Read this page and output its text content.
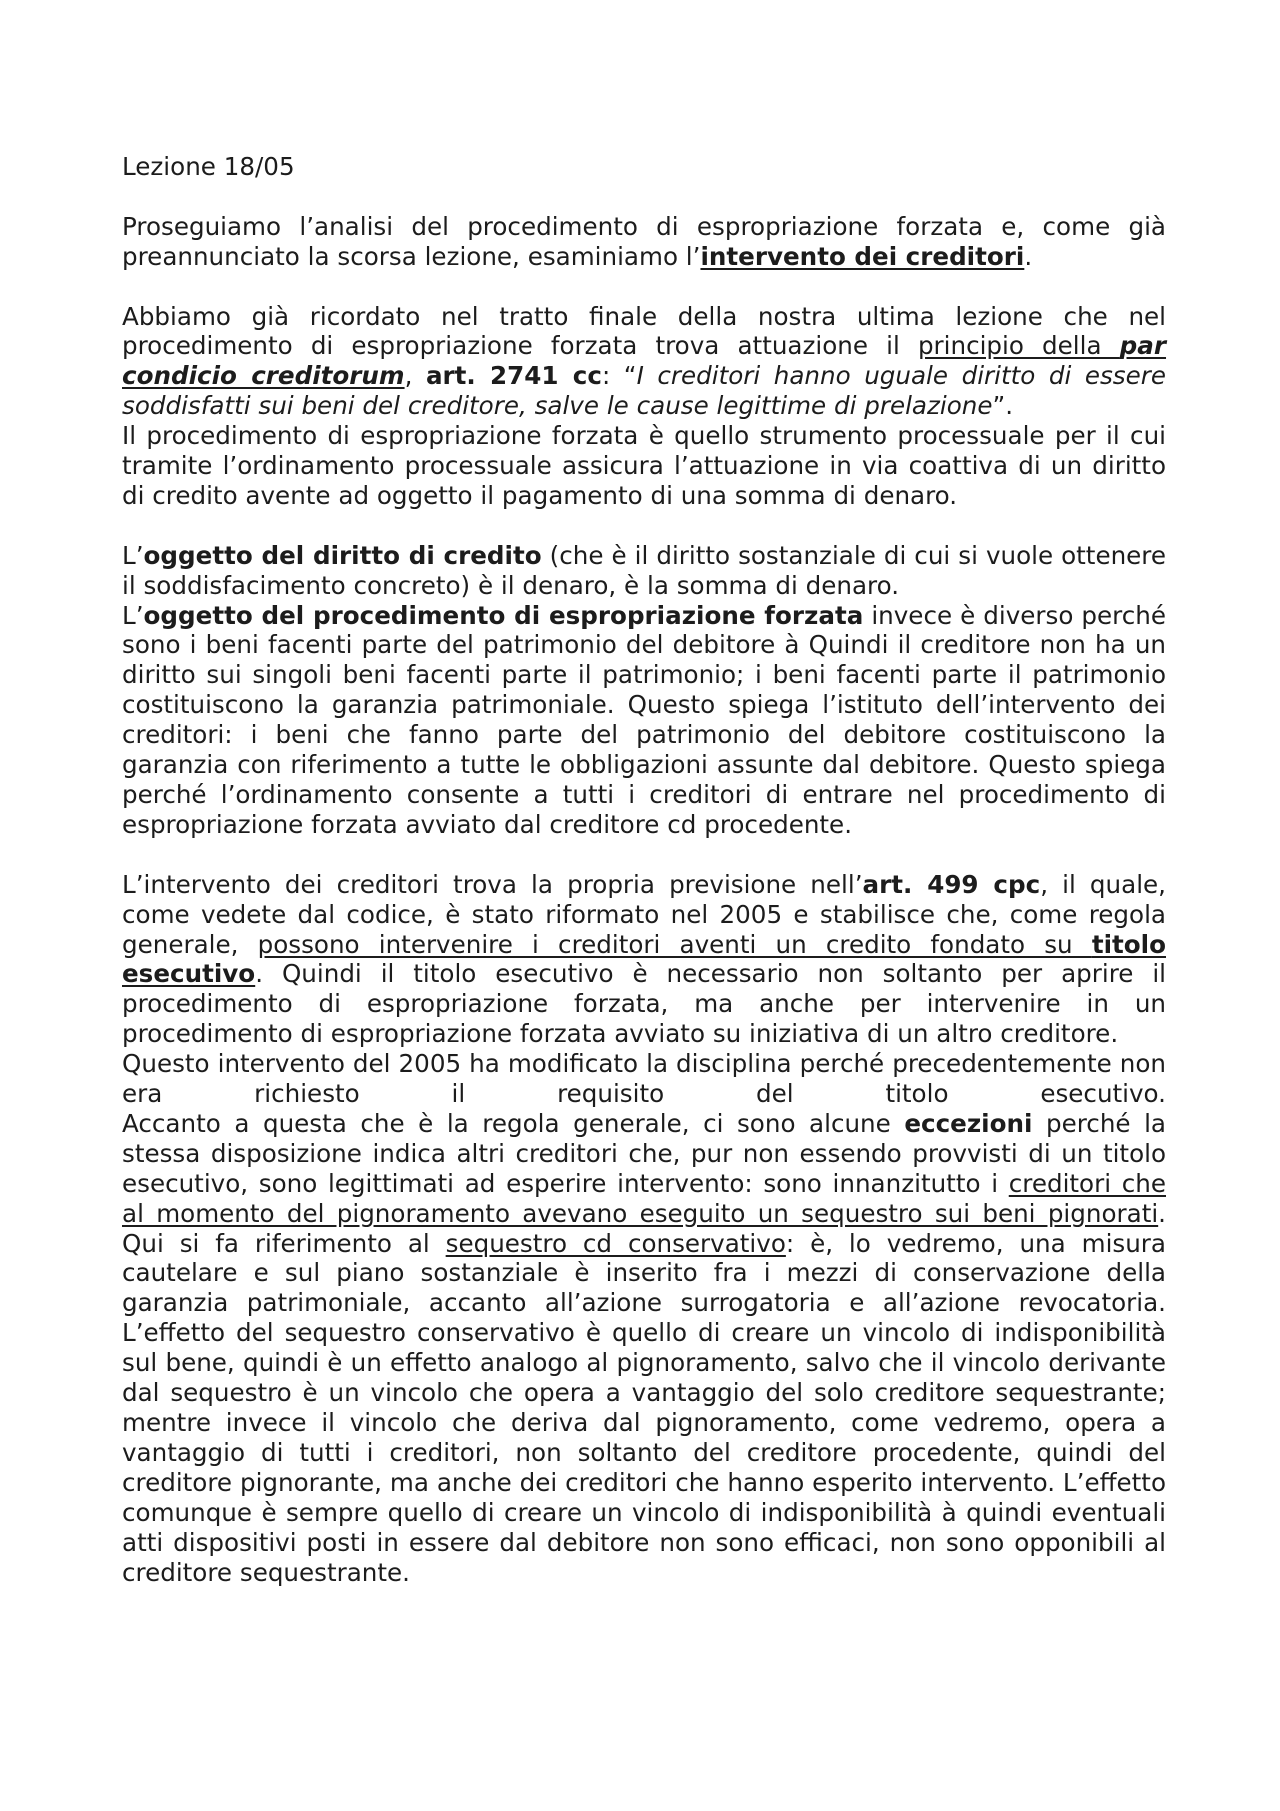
Lezione 18/05

Proseguiamo l’analisi del procedimento di espropriazione forzata e, come già preannunciato la scorsa lezione, esaminiamo l’intervento dei creditori.

Abbiamo già ricordato nel tratto finale della nostra ultima lezione che nel procedimento di espropriazione forzata trova attuazione il principio della par condicio creditorum, art. 2741 cc: “I creditori hanno uguale diritto di essere soddisfatti sui beni del creditore, salve le cause legittime di prelazione”.

Il procedimento di espropriazione forzata è quello strumento processuale per il cui tramite l’ordinamento processuale assicura l’attuazione in via coattiva di un diritto di credito avente ad oggetto il pagamento di una somma di denaro.

L’oggetto del diritto di credito (che è il diritto sostanziale di cui si vuole ottenere il soddisfacimento concreto) è il denaro, è la somma di denaro.

L’oggetto del procedimento di espropriazione forzata invece è diverso perché sono i beni facenti parte del patrimonio del debitore à Quindi il creditore non ha un diritto sui singoli beni facenti parte il patrimonio; i beni facenti parte il patrimonio costituiscono la garanzia patrimoniale. Questo spiega l’istituto dell’intervento dei creditori: i beni che fanno parte del patrimonio del debitore costituiscono la garanzia con riferimento a tutte le obbligazioni assunte dal debitore. Questo spiega perché l’ordinamento consente a tutti i creditori di entrare nel procedimento di espropriazione forzata avviato dal creditore cd procedente.

L’intervento dei creditori trova la propria previsione nell’art. 499 cpc, il quale, come vedete dal codice, è stato riformato nel 2005 e stabilisce che, come regola generale, possono intervenire i creditori aventi un credito fondato su titolo esecutivo. Quindi il titolo esecutivo è necessario non soltanto per aprire il procedimento di espropriazione forzata, ma anche per intervenire in un procedimento di espropriazione forzata avviato su iniziativa di un altro creditore.

Questo intervento del 2005 ha modificato la disciplina perché precedentemente non era richiesto il requisito del titolo esecutivo.

Accanto a questa che è la regola generale, ci sono alcune eccezioni perché la stessa disposizione indica altri creditori che, pur non essendo provvisti di un titolo esecutivo, sono legittimati ad esperire intervento: sono innanzitutto i creditori che al momento del pignoramento avevano eseguito un sequestro sui beni pignorati. Qui si fa riferimento al sequestro cd conservativo: è, lo vedremo, una misura cautelare e sul piano sostanziale è inserito fra i mezzi di conservazione della garanzia patrimoniale, accanto all’azione surrogatoria e all’azione revocatoria. L’effetto del sequestro conservativo è quello di creare un vincolo di indisponibilità sul bene, quindi è un effetto analogo al pignoramento, salvo che il vincolo derivante dal sequestro è un vincolo che opera a vantaggio del solo creditore sequestrante; mentre invece il vincolo che deriva dal pignoramento, come vedremo, opera a vantaggio di tutti i creditori, non soltanto del creditore procedente, quindi del creditore pignorante, ma anche dei creditori che hanno esperito intervento. L’effetto comunque è sempre quello di creare un vincolo di indisponibilità à quindi eventuali atti dispositivi posti in essere dal debitore non sono efficaci, non sono opponibili al creditore sequestrante.
